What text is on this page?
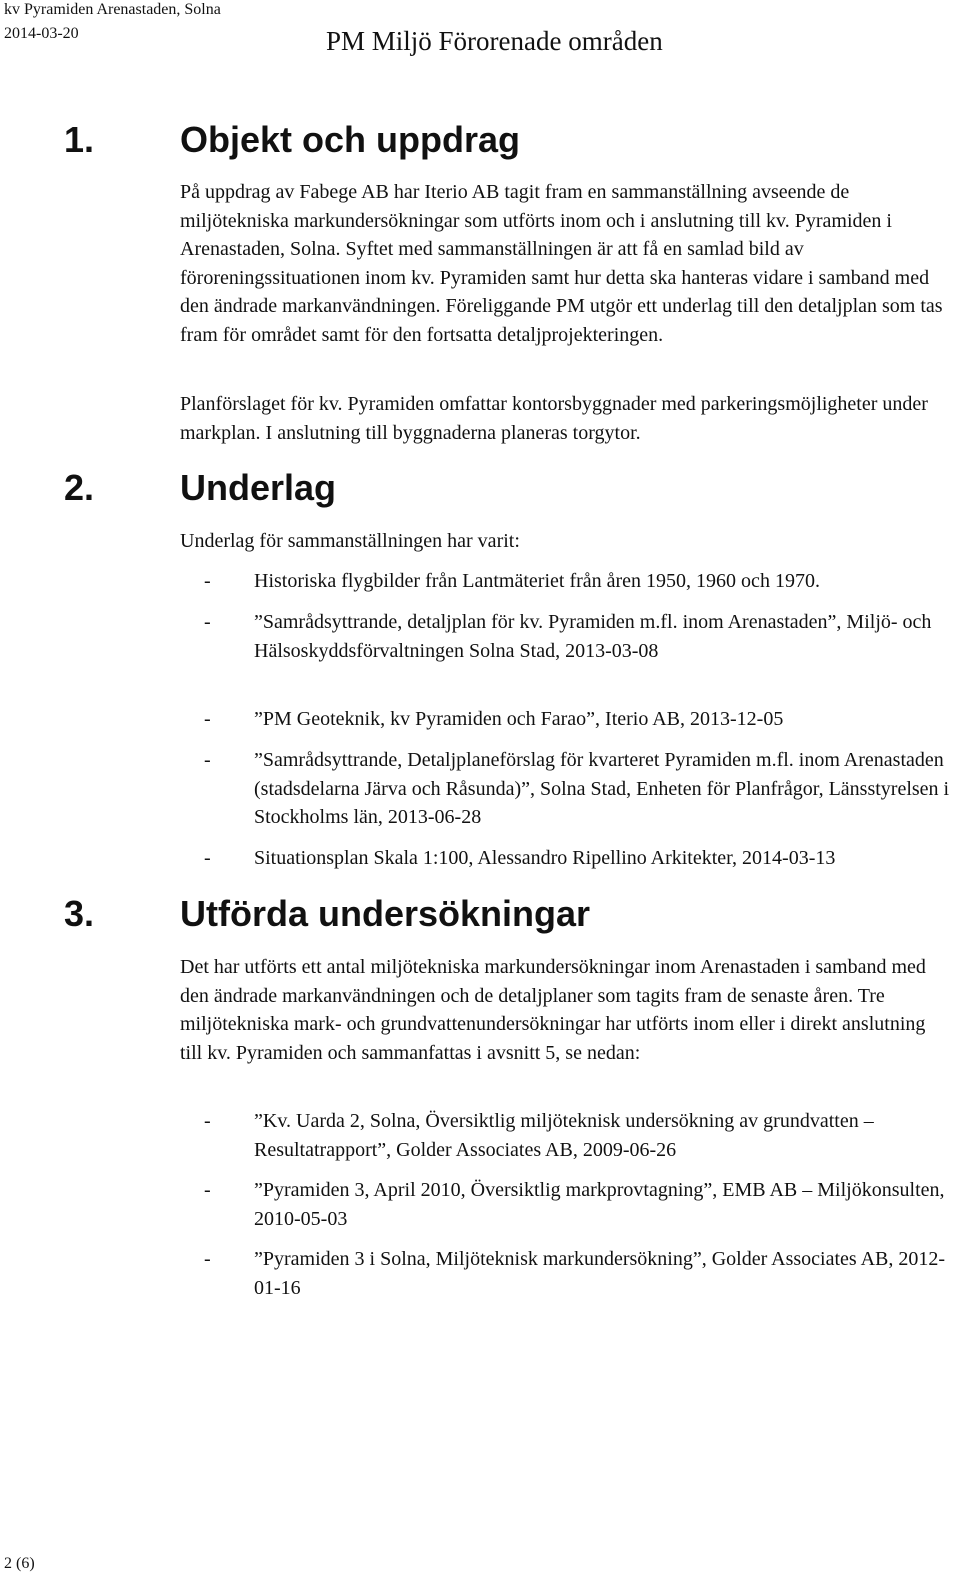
kv Pyramiden Arenastaden, Solna
2014-03-20	PM Miljö Förorenade områden
1. Objekt och uppdrag

På uppdrag av Fabege AB har Iterio AB tagit fram en sammanställning avseende de miljötekniska markundersökningar som utförts inom och i anslutning till kv. Pyramiden i Arenastaden, Solna. Syftet med sammanställningen är att få en samlad bild av föroreningssituationen inom kv. Pyramiden samt hur detta ska hanteras vidare i samband med den ändrade markanvändningen. Föreliggande PM utgör ett underlag till den detaljplan som tas fram för området samt för den fortsatta detaljprojekteringen.

Planförslaget för kv. Pyramiden omfattar kontorsbyggnader med parkeringsmöjligheter under markplan. I anslutning till byggnaderna planeras torgytor.

2. Underlag

Underlag för sammanställningen har varit:

- Historiska flygbilder från Lantmäteriet från åren 1950, 1960 och 1970.
- ”Samrådsyttrande, detaljplan för kv. Pyramiden m.fl. inom Arenastaden”, Miljö- och Hälsoskyddsförvaltningen Solna Stad, 2013-03-08
- ”PM Geoteknik, kv Pyramiden och Farao”, Iterio AB, 2013-12-05
- ”Samrådsyttrande, Detaljplaneförslag för kvarteret Pyramiden m.fl. inom Arenastaden (stadsdelarna Järva och Råsunda)”, Solna Stad, Enheten för Planfrågor, Länsstyrelsen i Stockholms län, 2013-06-28
- Situationsplan Skala 1:100, Alessandro Ripellino Arkitekter, 2014-03-13
3. Utförda undersökningar

Det har utförts ett antal miljötekniska markundersökningar inom Arenastaden i samband med den ändrade markanvändningen och de detaljplaner som tagits fram de senaste åren. Tre miljötekniska mark- och grundvattenundersökningar har utförts inom eller i direkt anslutning till kv. Pyramiden och sammanfattas i avsnitt 5, se nedan:

- ”Kv. Uarda 2, Solna, Översiktlig miljöteknisk undersökning av grundvatten – Resultatrapport”, Golder Associates AB, 2009-06-26
- ”Pyramiden 3, April 2010, Översiktlig markprovtagning”, EMB AB – Miljökonsulten, 2010-05-03
- ”Pyramiden 3 i Solna, Miljöteknisk markundersökning”, Golder Associates AB, 2012-01-16
2 (6)
